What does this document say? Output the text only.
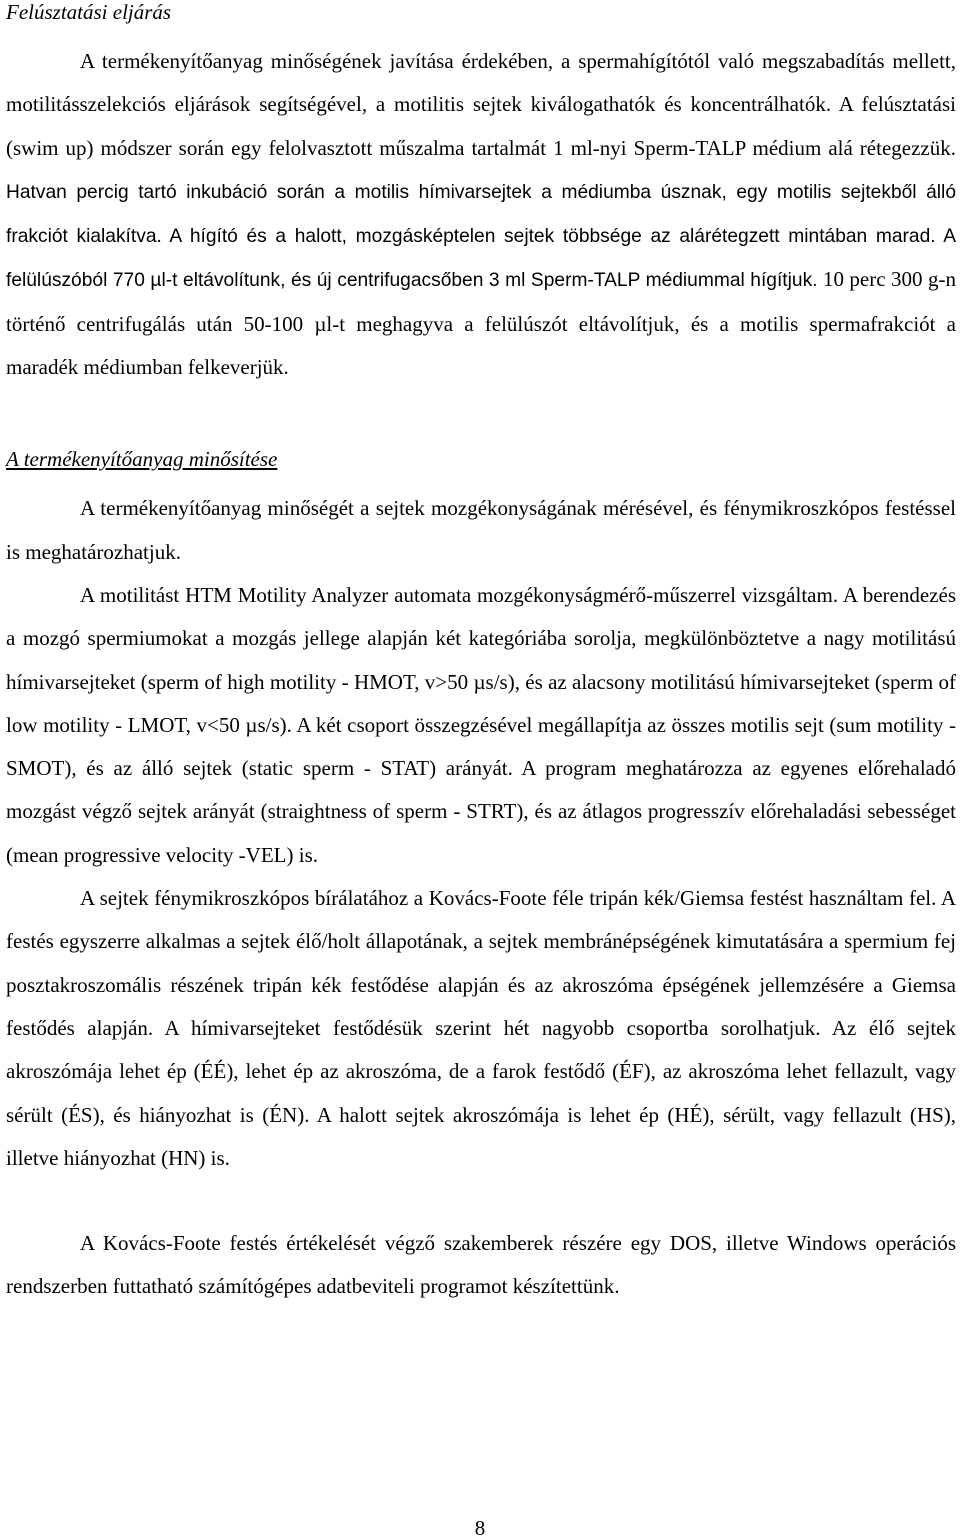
Felúsztatási eljárás

A termékenyítőanyag minőségének javítása érdekében, a spermahígítótól való megszabadítás mellett, motilitásszelekciós eljárások segítségével, a motilitis sejtek kiválogathatók és koncentrálhatók. A felúsztatási (swim up) módszer során egy felolvasztott műszalma tartalmát 1 ml-nyi Sperm-TALP médium alá rétegezzük. Hatvan percig tartó inkubáció során a motilis hímivarsejtek a médiumba úsznak, egy motilis sejtekből álló frakciót kialakítva. A hígító és a halott, mozgásképtelen sejtek többsége az alárétegzett mintában marad. A felülúszóból 770 µl-t eltávolítunk, és új centrifugacsőben 3 ml Sperm-TALP médiummal hígítjuk. 10 perc 300 g-n történő centrifugálás után 50-100 µl-t meghagyva a felülúszót eltávolítjuk, és a motilis spermafrakciót a maradék médiumban felkeverjük.

A termékenyítőanyag minősítése

A termékenyítőanyag minőségét a sejtek mozgékonyságának mérésével, és fénymikroszkópos festéssel is meghatározhatjuk.

A motilitást HTM Motility Analyzer automata mozgékonyságmérő-műszerrel vizsgáltam. A berendezés a mozgó spermiumokat a mozgás jellege alapján két kategóriába sorolja, megkülönböztetve a nagy motilitású hímivarsejteket (sperm of high motility - HMOT, v>50 µs/s), és az alacsony motilitású hímivarsejteket (sperm of low motility - LMOT, v<50 µs/s). A két csoport összegzésével megállapítja az összes motilis sejt (sum motility - SMOT), és az álló sejtek (static sperm - STAT) arányát. A program meghatározza az egyenes előrehaladó mozgást végző sejtek arányát (straightness of sperm - STRT), és az átlagos progresszív előrehaladási sebességet (mean progressive velocity -VEL) is.

A sejtek fénymikroszkópos bírálatához a Kovács-Foote féle tripán kék/Giemsa festést használtam fel. A festés egyszerre alkalmas a sejtek élő/holt állapotának, a sejtek membránépségének kimutatására a spermium fej posztakroszomális részének tripán kék festődése alapján és az akroszóma épségének jellemzésére a Giemsa festődés alapján. A hímivarsejteket festődésük szerint hét nagyobb csoportba sorolhatjuk. Az élő sejtek akroszómája lehet ép (ÉÉ), lehet ép az akroszóma, de a farok festődő (ÉF), az akroszóma lehet fellazult, vagy sérült (ÉS), és hiányozhat is (ÉN). A halott sejtek akroszómája is lehet ép (HÉ), sérült, vagy fellazult (HS), illetve hiányozhat (HN) is.

A Kovács-Foote festés értékelését végző szakemberek részére egy DOS, illetve Windows operációs rendszerben futtatható számítógépes adatbeviteli programot készítettünk.

8
